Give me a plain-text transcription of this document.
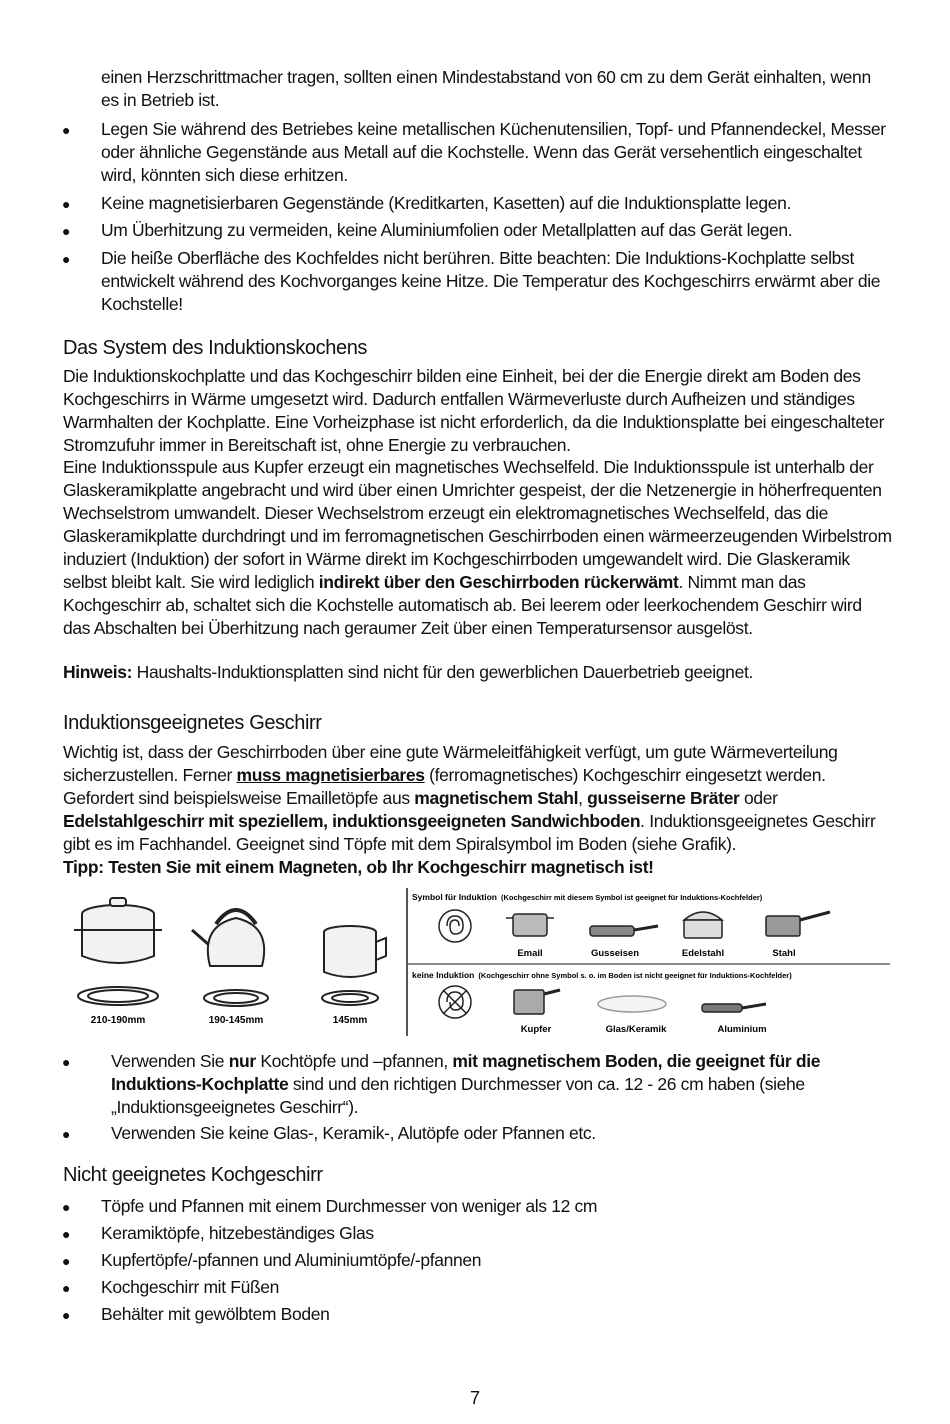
einen Herzschrittmacher tragen, sollten einen Mindestabstand von 60 cm zu dem Gerät einhalten, wenn es in Betrieb ist.

● Legen Sie während des Betriebes keine metallischen Küchenutensilien, Topf- und Pfannendeckel, Messer oder ähnliche Gegenstände aus Metall auf die Kochstelle. Wenn das Gerät versehentlich eingeschaltet wird, könnten sich diese erhitzen.

● Keine magnetisierbaren Gegenstände (Kreditkarten, Kasetten) auf die Induktionsplatte legen.

● Um Überhitzung zu vermeiden, keine Aluminiumfolien oder Metallplatten auf das Gerät legen.

● Die heiße Oberfläche des Kochfeldes nicht berühren. Bitte beachten: Die Induktions-Kochplatte selbst entwickelt während des Kochvorganges keine Hitze. Die Temperatur des Kochgeschirrs erwärmt aber die Kochstelle!

Das System des Induktionskochens

Die Induktionskochplatte und das Kochgeschirr bilden eine Einheit, bei der die Energie direkt am Boden des Kochgeschirrs in Wärme umgesetzt wird. Dadurch entfallen Wärmeverluste durch Aufheizen und ständiges Warmhalten der Kochplatte. Eine Vorheizphase ist nicht erforderlich, da die Induktionsplatte bei eingeschalteter Stromzufuhr immer in Bereitschaft ist, ohne Energie zu verbrauchen.

Eine Induktionsspule aus Kupfer erzeugt ein magnetisches Wechselfeld. Die Induktionsspule ist unterhalb der Glaskeramikplatte angebracht und wird über einen Umrichter gespeist, der die Netzenergie in höherfrequenten Wechselstrom umwandelt. Dieser Wechselstrom erzeugt ein elektromagnetisches Wechselfeld, das die Glaskeramikplatte durchdringt und im ferromagnetischen Geschirrboden einen wärmeerzeugenden Wirbelstrom induziert (Induktion) der sofort in Wärme direkt im Kochgeschirrboden umgewandelt wird. Die Glaskeramik selbst bleibt kalt. Sie wird lediglich indirekt über den Geschirrboden rückerwämt. Nimmt man das Kochgeschirr ab, schaltet sich die Kochstelle automatisch ab. Bei leerem oder leerkochendem Geschirr wird das Abschalten bei Überhitzung nach geraumer Zeit über einen Temperatursensor ausgelöst.

Hinweis: Haushalts-Induktionsplatten sind nicht für den gewerblichen Dauerbetrieb geeignet.

Induktionsgeeignetes Geschirr

Wichtig ist, dass der Geschirrboden über eine gute Wärmeleitfähigkeit verfügt, um gute Wärmeverteilung sicherzustellen. Ferner muss magnetisierbares (ferromagnetisches) Kochgeschirr eingesetzt werden. Gefordert sind beispielsweise Emailletöpfe aus magnetischem Stahl, gusseiserne Bräter oder Edelstahlgeschirr mit speziellem, induktionsgeeigneten Sandwichboden. Induktionsgeeignetes Geschirr gibt es im Fachhandel. Geeignet sind Töpfe mit dem Spiralsymbol im Boden (siehe Grafik).

Tipp: Testen Sie mit einem Magneten, ob Ihr Kochgeschirr magnetisch ist!

210-190mm	190-145mm	145mm
Symbol für Induktion (Kochgeschirr mit diesem Symbol ist geeignet für Induktions-Kochfelder)
Email	Gusseisen	Edelstahl	Stahl
keine Induktion (Kochgeschirr ohne Symbol s. o. im Boden ist nicht geeignet für Induktions-Kochfelder)
Kupfer	Glas/Keramik	Aluminium
● Verwenden Sie nur Kochtöpfe und –pfannen, mit magnetischem Boden, die geeignet für die Induktions-Kochplatte sind und den richtigen Durchmesser von ca. 12 - 26 cm haben (siehe „Induktionsgeeignetes Geschirr“).

● Verwenden Sie keine Glas-, Keramik-, Alutöpfe oder Pfannen etc.

Nicht geeignetes Kochgeschirr
● Töpfe und Pfannen mit einem Durchmesser von weniger als 12 cm

● Keramiktöpfe, hitzebeständiges Glas

● Kupfertöpfe/-pfannen und Aluminiumtöpfe/-pfannen

● Kochgeschirr mit Füßen

● Behälter mit gewölbtem Boden

7
